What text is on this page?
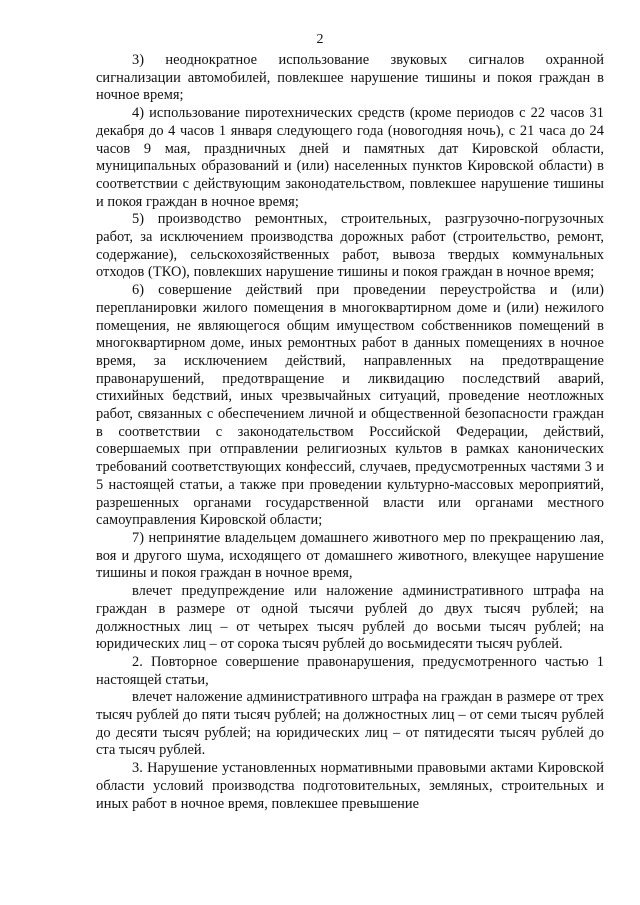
2

3) неоднократное использование звуковых сигналов охранной сигнализации автомобилей, повлекшее нарушение тишины и покоя граждан в ночное время;

4) использование пиротехнических средств (кроме периодов с 22 часов 31 декабря до 4 часов 1 января следующего года (новогодняя ночь), с 21 часа до 24 часов 9 мая, праздничных дней и памятных дат Кировской области, муниципальных образований и (или) населенных пунктов Кировской области) в соответствии с действующим законодательством, повлекшее нарушение тишины и покоя граждан в ночное время;

5) производство ремонтных, строительных, разгрузочно-погрузочных работ, за исключением производства дорожных работ (строительство, ремонт, содержание), сельскохозяйственных работ, вывоза твердых коммунальных отходов (ТКО), повлекших нарушение тишины и покоя граждан в ночное время;

6) совершение действий при проведении переустройства и (или) перепланировки жилого помещения в многоквартирном доме и (или) нежилого помещения, не являющегося общим имуществом собственников помещений в многоквартирном доме, иных ремонтных работ в данных помещениях в ночное время, за исключением действий, направленных на предотвращение правонарушений, предотвращение и ликвидацию последствий аварий, стихийных бедствий, иных чрезвычайных ситуаций, проведение неотложных работ, связанных с обеспечением личной и общественной безопасности граждан в соответствии с законодательством Российской Федерации, действий, совершаемых при отправлении религиозных культов в рамках канонических требований соответствующих конфессий, случаев, предусмотренных частями 3 и 5 настоящей статьи, а также при проведении культурно-массовых мероприятий, разрешенных органами государственной власти или органами местного самоуправления Кировской области;

7) непринятие владельцем домашнего животного мер по прекращению лая, воя и другого шума, исходящего от домашнего животного, влекущее нарушение тишины и покоя граждан в ночное время,

влечет предупреждение или наложение административного штрафа на граждан в размере от одной тысячи рублей до двух тысяч рублей; на должностных лиц – от четырех тысяч рублей до восьми тысяч рублей; на юридических лиц – от сорока тысяч рублей до восьмидесяти тысяч рублей.

2. Повторное совершение правонарушения, предусмотренного частью 1 настоящей статьи,

влечет наложение административного штрафа на граждан в размере от трех тысяч рублей до пяти тысяч рублей; на должностных лиц – от семи тысяч рублей до десяти тысяч рублей; на юридических лиц – от пятидесяти тысяч рублей до ста тысяч рублей.

3. Нарушение установленных нормативными правовыми актами Кировской области условий производства подготовительных, земляных, строительных и иных работ в ночное время, повлекшее превышение
